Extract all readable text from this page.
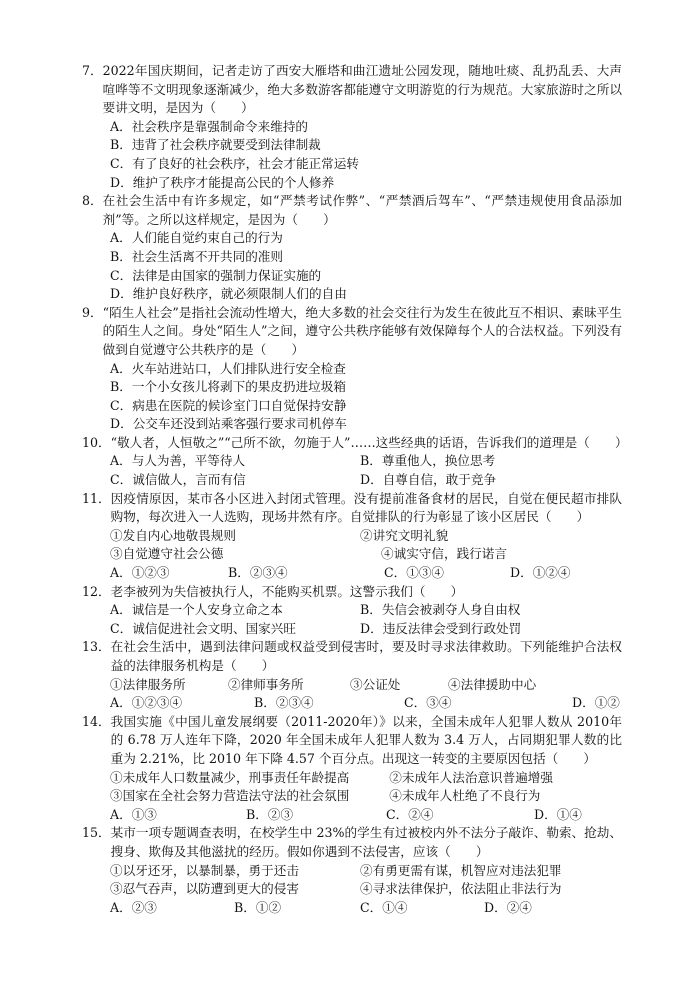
7． 2022年国庆期间，记者走访了西安大雁塔和曲江遗址公园发现，随地吐痰、乱扔乱丢、大声喧哗等不文明现象逐渐减少，绝大多数游客都能遵守文明游览的行为规范。大家旅游时之所以要讲文明，是因为（　　）
A．社会秩序是靠强制命令来维持的
B．违背了社会秩序就要受到法律制裁
C．有了良好的社会秩序，社会才能正常运转
D．维护了秩序才能提高公民的个人修养
8． 在社会生活中有许多规定，如“严禁考试作弊”、“严禁酒后驾车”、“严禁违规使用食品添加剂”等。之所以这样规定，是因为（　　）
A．人们能自觉约束自己的行为
B．社会生活离不开共同的准则
C．法律是由国家的强制力保证实施的
D．维护良好秩序，就必须限制人们的自由
9． “陌生人社会”是指社会流动性增大，绝大多数的社会交往行为发生在彼此互不相识、素昧平生的陌生人之间。身处“陌生人”之间，遵守公共秩序能够有效保障每个人的合法权益。下列没有做到自觉遵守公共秩序的是（　　）
A．火车站进站口，人们排队进行安全检查
B．一个小女孩儿将剥下的果皮扔进垃圾箱
C．病患在医院的候诊室门口自觉保持安静
D．公交车还没到站乘客强行要求司机停车
10． “敬人者，人恒敬之”“己所不欲，勿施于人”……这些经典的话语，告诉我们的道理是（　　）
A．与人为善，平等待人	B．尊重他人，换位思考
C．诚信做人，言而有信	D．自尊自信，敢于竞争
11． 因疫情原因，某市各小区进入封闭式管理。没有提前准备食材的居民，自觉在便民超市排队购物，每次进入一人选购，现场井然有序。自觉排队的行为彰显了该小区居民（　　）
①发自内心地敬畏规则	②讲究文明礼貌
③自觉遵守社会公德	④诚实守信，践行诺言
A．①②③	B．②③④	C．①③④	D．①②④
12． 老李被列为失信被执行人，不能购买机票。这警示我们（　　）
A．诚信是一个人安身立命之本	B．失信会被剥夺人身自由权
C．诚信促进社会文明、国家兴旺	D．违反法律会受到行政处罚
13． 在社会生活中，遇到法律问题或权益受到侵害时，要及时寻求法律救助。下列能维护合法权益的法律服务机构是（　　）
①法律服务所	②律师事务所	③公证处	④法律援助中心
A．①②③④	B．②③④	C．③④	D．①②
14． 我国实施《中国儿童发展纲要（2011-2020年）》以来，全国未成年人犯罪人数从 2010年的 6.78 万人连年下降，2020 年全国未成年人犯罪人数为 3.4 万人，占同期犯罪人数的比重为 2.21%，比 2010 年下降 4.57 个百分点。出现这一转变的主要原因包括（　　）
①未成年人口数量减少，刑事责任年龄提高	②未成年人法治意识普遍增强
③国家在全社会努力营造法守法的社会氛围	④未成年人杜绝了不良行为
A．①③	B．②③	C．②④	D．①④
15． 某市一项专题调查表明，在校学生中 23%的学生有过被校内外不法分子敲诈、勒索、抢劫、搜身、欺侮及其他滋扰的经历。假如你遇到不法侵害，应该（　　）
①以牙还牙，以暴制暴，勇于还击	②有勇更需有谋，机智应对违法犯罪
③忍气吞声，以防遭到更大的侵害	④寻求法律保护，依法阻止非法行为
A．②③	B．①②	C．①④	D．②④
